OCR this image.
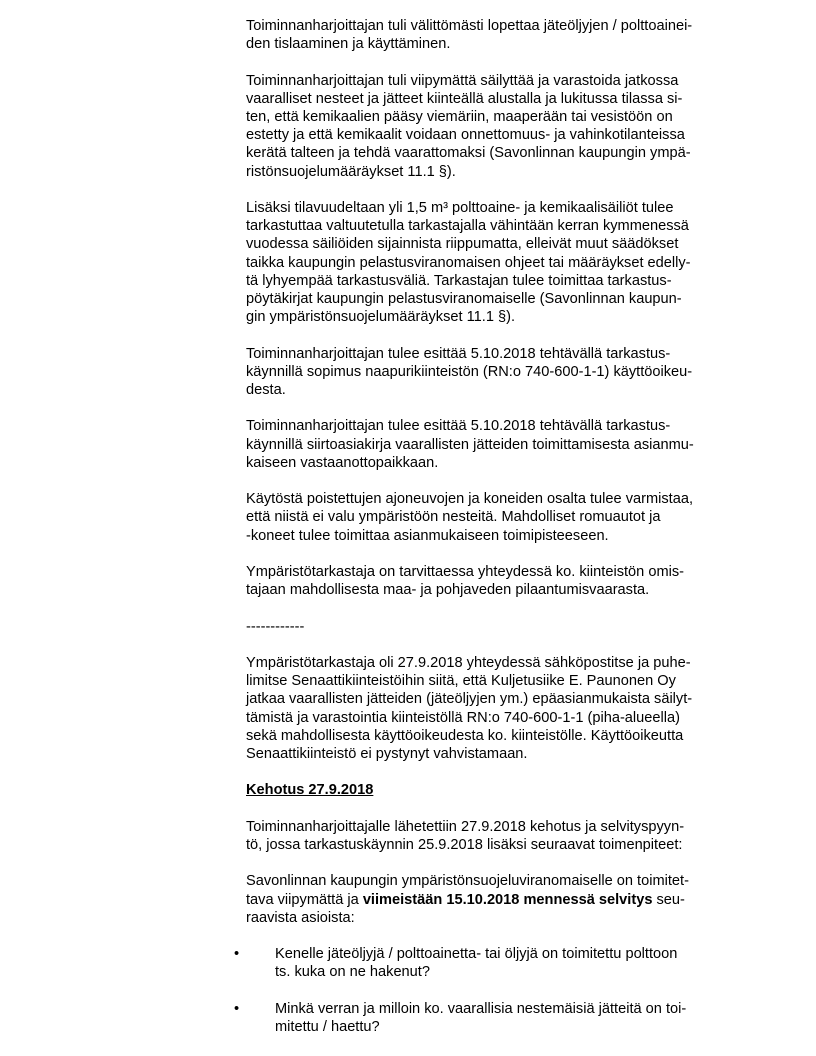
Toiminnanharjoittajan tuli välittömästi lopettaa jäteöljyjen / polttoainei-
den tislaaminen ja käyttäminen.
Toiminnanharjoittajan tuli viipymättä säilyttää ja varastoida jatkossa
vaaralliset nesteet ja jätteet kiinteällä alustalla ja lukitussa tilassa si-
ten, että kemikaalien pääsy viemäriin, maaperään tai vesistöön on
estetty ja että kemikaalit voidaan onnettomuus- ja vahinkotilanteissa
kerätä talteen ja tehdä vaarattomaksi (Savonlinnan kaupungin ympä-
ristönsuojelumääräykset 11.1 §).
Lisäksi tilavuudeltaan yli 1,5 m³ polttoaine- ja kemikaalisäiliöt tulee
tarkastuttaa valtuutetulla tarkastajalla vähintään kerran kymmenessä
vuodessa säiliöiden sijainnista riippumatta, elleivät muut säädökset
taikka kaupungin pelastusviranomaisen ohjeet tai määräykset edelly-
tä lyhyempää tarkastusväliä. Tarkastajan tulee toimittaa tarkastus-
pöytäkirjat kaupungin pelastusviranomaiselle (Savonlinnan kaupun-
gin ympäristönsuojelumääräykset 11.1 §).
Toiminnanharjoittajan tulee esittää 5.10.2018 tehtävällä tarkastus-
käynnillä sopimus naapurikiinteistön (RN:o 740-600-1-1) käyttöoikeu-
desta.
Toiminnanharjoittajan tulee esittää 5.10.2018 tehtävällä tarkastus-
käynnillä siirtoasiakirja vaarallisten jätteiden toimittamisesta asianmu-
kaiseen vastaanottopaikkaan.
Käytöstä poistettujen ajoneuvojen ja koneiden osalta tulee varmistaa,
että niistä ei valu ympäristöön nesteitä. Mahdolliset romuautot ja
-koneet tulee toimittaa asianmukaiseen toimipisteeseen.
Ympäristötarkastaja on tarvittaessa yhteydessä ko. kiinteistön omis-
tajaan mahdollisesta maa- ja pohjaveden pilaantumisvaarasta.
------------
Ympäristötarkastaja oli 27.9.2018 yhteydessä sähköpostitse ja puhe-
limitse Senaattikiinteistöihin siitä, että Kuljetusiike E. Paunonen Oy
jatkaa vaarallisten jätteiden (jäteöljyjen ym.) epäasianmukaista säilyt-
tämistä ja varastointia kiinteistöllä RN:o 740-600-1-1 (piha-alueella)
sekä mahdollisesta käyttöoikeudesta ko. kiinteistölle. Käyttöoikeutta
Senaattikiinteistö ei pystynyt vahvistamaan.
Kehotus 27.9.2018
Toiminnanharjoittajalle lähetettiin 27.9.2018 kehotus ja selvityspyyn-
tö, jossa tarkastuskäynnin 25.9.2018 lisäksi seuraavat toimenpiteet:
Savonlinnan kaupungin ympäristönsuojeluviranomaiselle on toimitet-
tava viipymättä ja viimeistään 15.10.2018 mennessä selvitys seu-
raavista asioista:
• Kenelle jäteöljyjä / polttoainetta- tai öljyjä on toimitettu polttoon
ts. kuka on ne hakenut?
• Minkä verran ja milloin ko. vaarallisia nestemäisiä jätteitä on toi-
mitettu / haettu?
